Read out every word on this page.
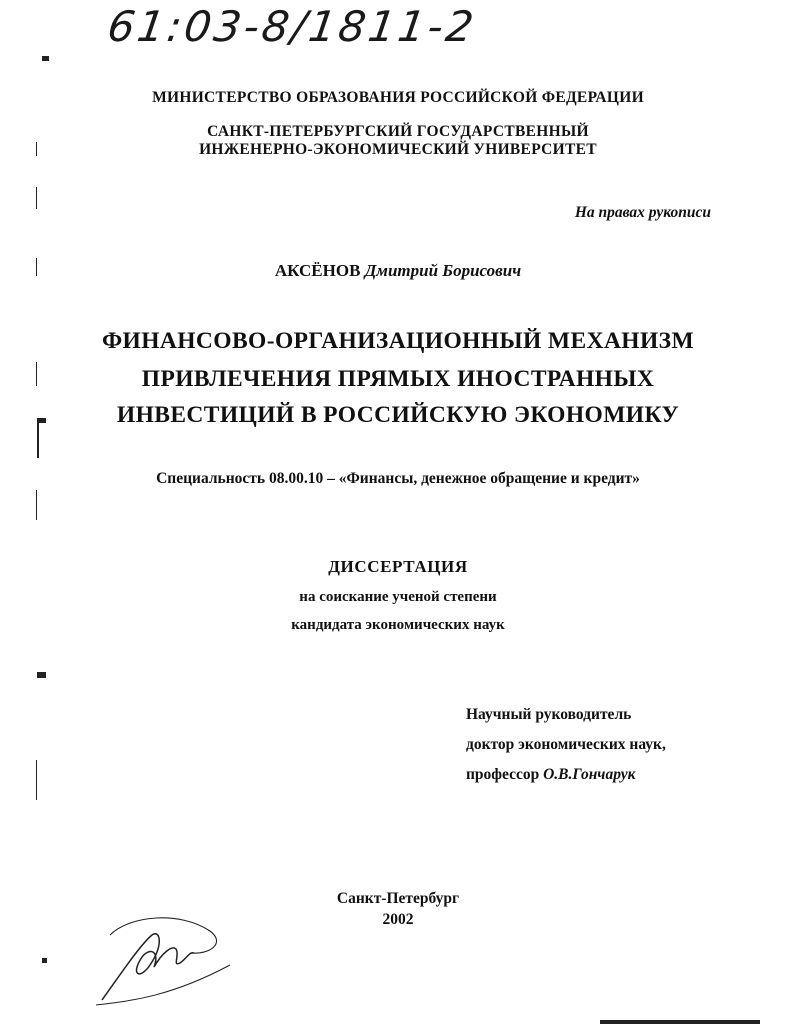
61:03-8/1811-2
МИНИСТЕРСТВО ОБРАЗОВАНИЯ РОССИЙСКОЙ ФЕДЕРАЦИИ
САНКТ-ПЕТЕРБУРГСКИЙ ГОСУДАРСТВЕННЫЙ
ИНЖЕНЕРНО-ЭКОНОМИЧЕСКИЙ УНИВЕРСИТЕТ
На правах рукописи
АКСЁНОВ Дмитрий Борисович
ФИНАНСОВО-ОРГАНИЗАЦИОННЫЙ МЕХАНИЗМ
ПРИВЛЕЧЕНИЯ ПРЯМЫХ ИНОСТРАННЫХ
ИНВЕСТИЦИЙ В РОССИЙСКУЮ ЭКОНОМИКУ
Специальность 08.00.10 – «Финансы, денежное обращение и кредит»
ДИССЕРТАЦИЯ
на соискание ученой степени
кандидата экономических наук
Научный руководитель
доктор экономических наук,
профессор О.В.Гончарук
Санкт-Петербург
2002
